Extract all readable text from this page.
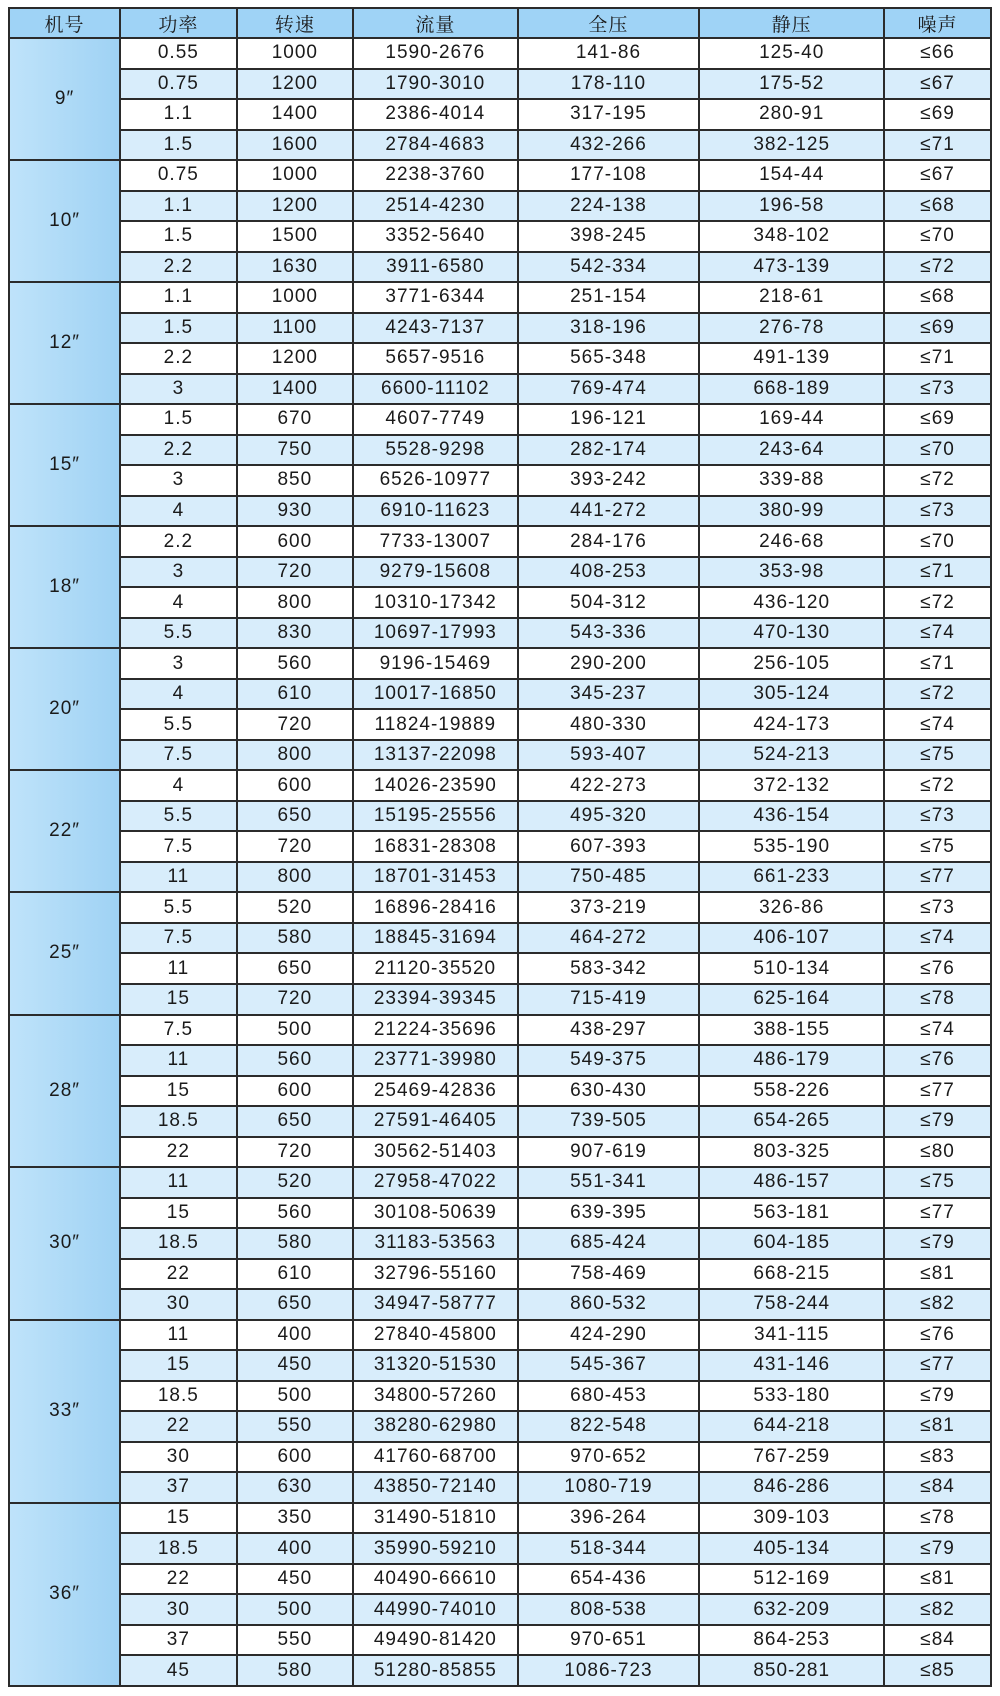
机号	功率	转速	流量	全压	静压	噪声
9″	0.55	1000	1590-2676	141-86	125-40	≤66
	0.75	1200	1790-3010	178-110	175-52	≤67
	1.1	1400	2386-4014	317-195	280-91	≤69
	1.5	1600	2784-4683	432-266	382-125	≤71
10″	0.75	1000	2238-3760	177-108	154-44	≤67
	1.1	1200	2514-4230	224-138	196-58	≤68
	1.5	1500	3352-5640	398-245	348-102	≤70
	2.2	1630	3911-6580	542-334	473-139	≤72
12″	1.1	1000	3771-6344	251-154	218-61	≤68
	1.5	1100	4243-7137	318-196	276-78	≤69
	2.2	1200	5657-9516	565-348	491-139	≤71
	3	1400	6600-11102	769-474	668-189	≤73
15″	1.5	670	4607-7749	196-121	169-44	≤69
	2.2	750	5528-9298	282-174	243-64	≤70
	3	850	6526-10977	393-242	339-88	≤72
	4	930	6910-11623	441-272	380-99	≤73
18″	2.2	600	7733-13007	284-176	246-68	≤70
	3	720	9279-15608	408-253	353-98	≤71
	4	800	10310-17342	504-312	436-120	≤72
	5.5	830	10697-17993	543-336	470-130	≤74
20″	3	560	9196-15469	290-200	256-105	≤71
	4	610	10017-16850	345-237	305-124	≤72
	5.5	720	11824-19889	480-330	424-173	≤74
	7.5	800	13137-22098	593-407	524-213	≤75
22″	4	600	14026-23590	422-273	372-132	≤72
	5.5	650	15195-25556	495-320	436-154	≤73
	7.5	720	16831-28308	607-393	535-190	≤75
	11	800	18701-31453	750-485	661-233	≤77
25″	5.5	520	16896-28416	373-219	326-86	≤73
	7.5	580	18845-31694	464-272	406-107	≤74
	11	650	21120-35520	583-342	510-134	≤76
	15	720	23394-39345	715-419	625-164	≤78
28″	7.5	500	21224-35696	438-297	388-155	≤74
	11	560	23771-39980	549-375	486-179	≤76
	15	600	25469-42836	630-430	558-226	≤77
	18.5	650	27591-46405	739-505	654-265	≤79
	22	720	30562-51403	907-619	803-325	≤80
30″	11	520	27958-47022	551-341	486-157	≤75
	15	560	30108-50639	639-395	563-181	≤77
	18.5	580	31183-53563	685-424	604-185	≤79
	22	610	32796-55160	758-469	668-215	≤81
	30	650	34947-58777	860-532	758-244	≤82
33″	11	400	27840-45800	424-290	341-115	≤76
	15	450	31320-51530	545-367	431-146	≤77
	18.5	500	34800-57260	680-453	533-180	≤79
	22	550	38280-62980	822-548	644-218	≤81
	30	600	41760-68700	970-652	767-259	≤83
	37	630	43850-72140	1080-719	846-286	≤84
36″	15	350	31490-51810	396-264	309-103	≤78
	18.5	400	35990-59210	518-344	405-134	≤79
	22	450	40490-66610	654-436	512-169	≤81
	30	500	44990-74010	808-538	632-209	≤82
	37	550	49490-81420	970-651	864-253	≤84
	45	580	51280-85855	1086-723	850-281	≤85
